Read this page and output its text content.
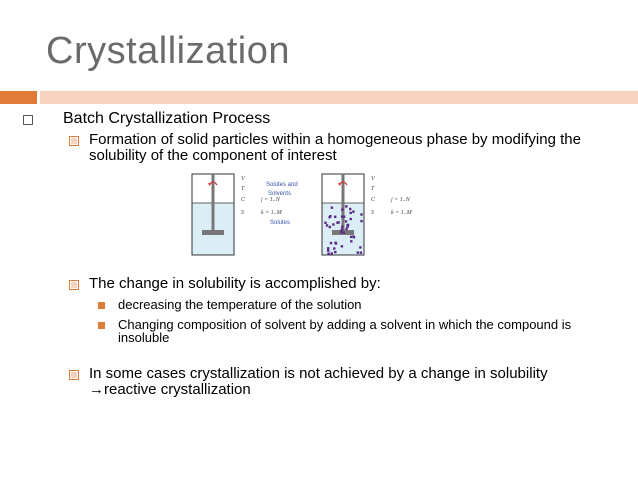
Crystallization
Batch Crystallization Process
Formation of solid particles within a homogeneous phase by modifying the
solubility of the component of interest
V
T
C
S
j = 1..N
k = 1..M
Solutes and
Solvents
Solutes
V
T
C
S
j = 1..N
k = 1..M
The change in solubility is accomplished by:
decreasing the temperature of the solution
Changing composition of solvent by adding a solvent in which the compound is
insoluble
In some cases crystallization is not achieved by a change in solubility
→reactive crystallization
